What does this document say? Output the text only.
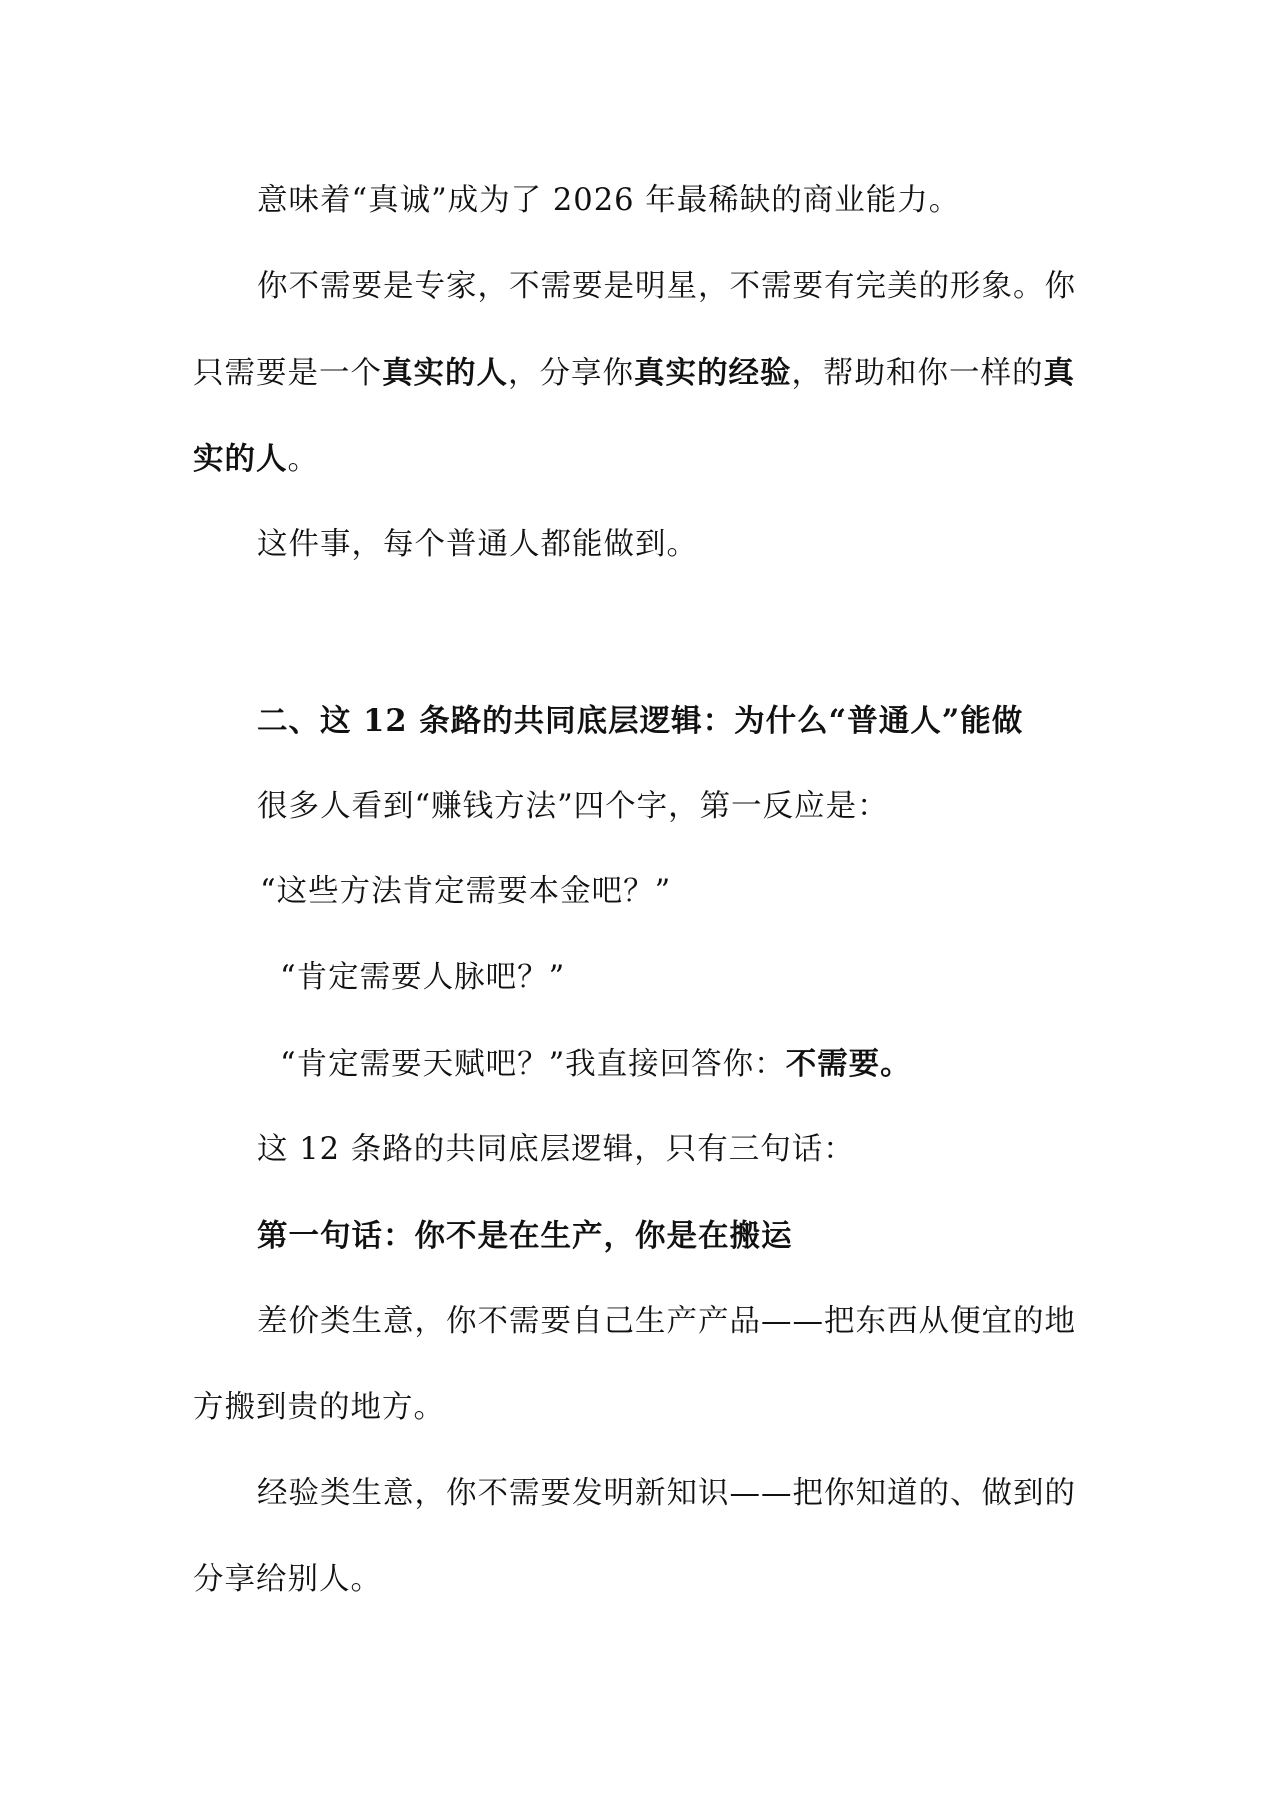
意味着“真诚”成为了 2026 年最稀缺的商业能力。
你不需要是专家，不需要是明星，不需要有完美的形象。你
只需要是一个真实的人，分享你真实的经验，帮助和你一样的真
实的人。
这件事，每个普通人都能做到。
二、这 12 条路的共同底层逻辑：为什么“普通人”能做
很多人看到“赚钱方法”四个字，第一反应是：
“这些方法肯定需要本金吧？”
“肯定需要人脉吧？”
“肯定需要天赋吧？”我直接回答你：不需要。
这 12 条路的共同底层逻辑，只有三句话：
第一句话：你不是在生产，你是在搬运
差价类生意，你不需要自己生产产品——把东西从便宜的地
方搬到贵的地方。
经验类生意，你不需要发明新知识——把你知道的、做到的
分享给别人。
